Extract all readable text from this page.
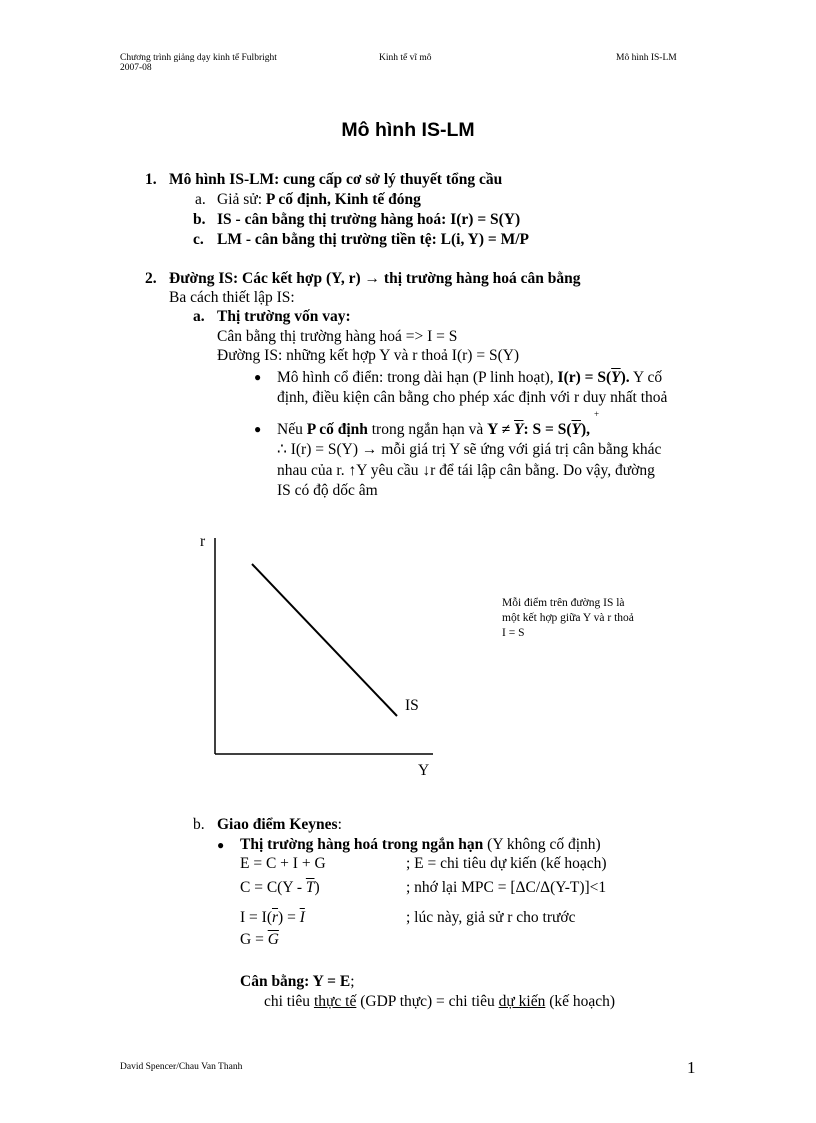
Chương trình giảng dạy kinh tế Fulbright
2007-08
Kinh tế vĩ mô	Mô hình IS-LM
Mô hình IS-LM
1. Mô hình IS-LM: cung cấp cơ sở lý thuyết tổng cầu
a. Giả sử: P cố định, Kinh tế đóng
b. IS - cân bằng thị trường hàng hoá: I(r) = S(Y)
c. LM - cân bằng thị trường tiền tệ: L(i, Y) = M/P
2. Đường IS: Các kết hợp (Y, r) → thị trường hàng hoá cân bằng
Ba cách thiết lập IS:
a. Thị trường vốn vay:
Cân bằng thị trường hàng hoá => I = S
Đường IS: những kết hợp Y và r thoả I(r) = S(Y)
● Mô hình cổ điển: trong dài hạn (P linh hoạt), $I(r) = S(\overline{Y})$. Y cố
định, điều kiện cân bằng cho phép xác định với r duy nhất thoả
●
+
Nếu P cố định trong ngắn hạn và $Y \ne \overline{Y}$: $S = S(\overline{Y})$,
∴ I(r) = S(Y) → mỗi giá trị Y sẽ ứng với giá trị cân bằng khác
nhau của r. ↑Y yêu cầu ↓r để tái lập cân bằng. Do vậy, đường
IS có độ dốc âm
r
Y
IS
Mỗi điểm trên đường IS là
một kết hợp giữa Y và r thoả
I = S
b. Giao điểm Keynes:
● Thị trường hàng hoá trong ngắn hạn (Y không cố định)
E = C + I + G	; E = chi tiêu dự kiến (kế hoạch)
$C = C(Y - \overline{T})$	; nhớ lại MPC = [ΔC/Δ(Y-T)]<1
$I = I(\overline{r}) = \overline{I}$	; lúc này, giả sử r cho trước
$G = \overline{G}$
Cân bằng: Y = E;
chi tiêu thực tế (GDP thực) = chi tiêu dự kiến (kế hoạch)
David Spencer/Chau Van Thanh	1
